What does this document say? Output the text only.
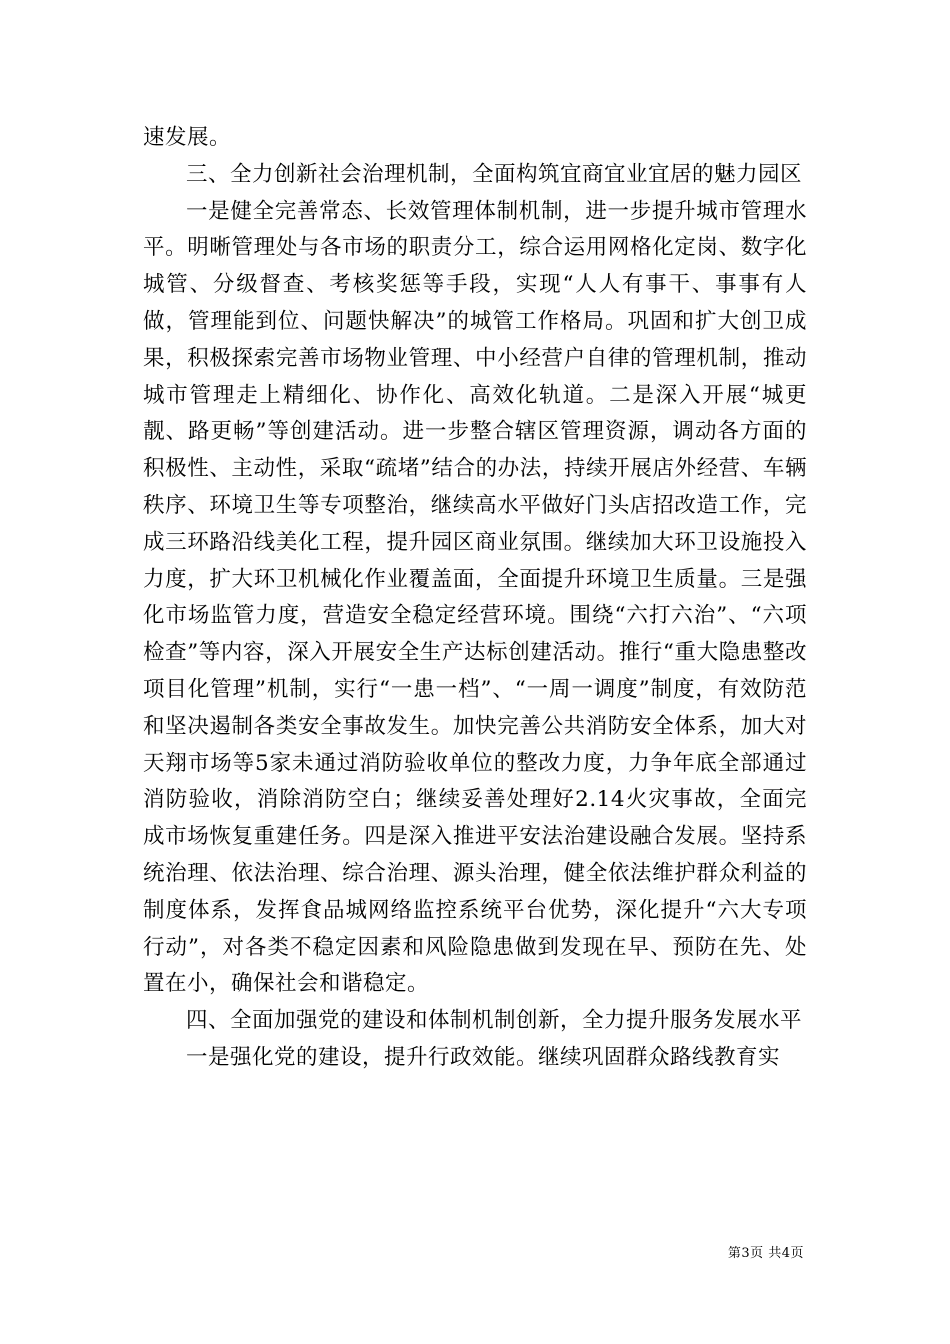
速发展。

三、全力创新社会治理机制，全面构筑宜商宜业宜居的魅力园区

一是健全完善常态、长效管理体制机制，进一步提升城市管理水平。明晰管理处与各市场的职责分工，综合运用网格化定岗、数字化城管、分级督查、考核奖惩等手段，实现“人人有事干、事事有人做，管理能到位、问题快解决”的城管工作格局。巩固和扩大创卫成果，积极探索完善市场物业管理、中小经营户自律的管理机制，推动城市管理走上精细化、协作化、高效化轨道。二是深入开展“城更靓、路更畅”等创建活动。进一步整合辖区管理资源，调动各方面的积极性、主动性，采取“疏堵”结合的办法，持续开展店外经营、车辆秩序、环境卫生等专项整治，继续高水平做好门头店招改造工作，完成三环路沿线美化工程，提升园区商业氛围。继续加大环卫设施投入力度，扩大环卫机械化作业覆盖面，全面提升环境卫生质量。三是强化市场监管力度，营造安全稳定经营环境。围绕“六打六治”、“六项检查”等内容，深入开展安全生产达标创建活动。推行“重大隐患整改项目化管理”机制，实行“一患一档”、“一周一调度”制度，有效防范和坚决遏制各类安全事故发生。加快完善公共消防安全体系，加大对天翔市场等5家未通过消防验收单位的整改力度，力争年底全部通过消防验收，消除消防空白；继续妥善处理好2.14火灾事故，全面完成市场恢复重建任务。四是深入推进平安法治建设融合发展。坚持系统治理、依法治理、综合治理、源头治理，健全依法维护群众利益的制度体系，发挥食品城网络监控系统平台优势，深化提升“六大专项行动”，对各类不稳定因素和风险隐患做到发现在早、预防在先、处置在小，确保社会和谐稳定。

四、全面加强党的建设和体制机制创新，全力提升服务发展水平

一是强化党的建设，提升行政效能。继续巩固群众路线教育实

第3页 共4页
